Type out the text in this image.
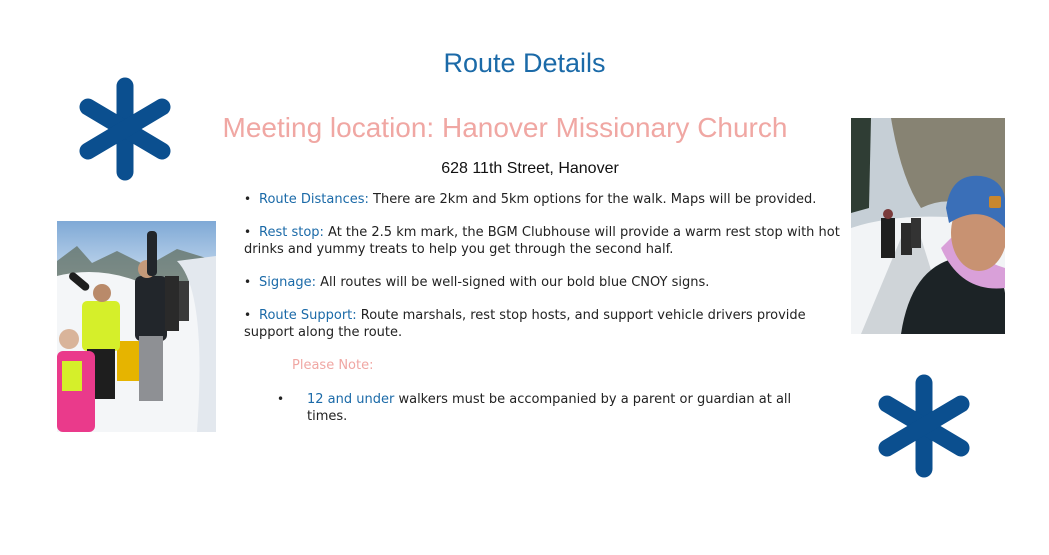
Route Details
Meeting location: Hanover Missionary Church
628 11th Street, Hanover
• Route Distances: There are 2km and 5km options for the walk. Maps will be provided.
• Rest stop: At the 2.5 km mark, the BGM Clubhouse will provide a warm rest stop with hot drinks and yummy treats to help you get through the second half.
• Signage: All routes will be well-signed with our bold blue CNOY signs.
• Route Support: Route marshals, rest stop hosts, and support vehicle drivers provide support along the route.
Please Note:
• 12 and under walkers must be accompanied by a parent or guardian at all times.
